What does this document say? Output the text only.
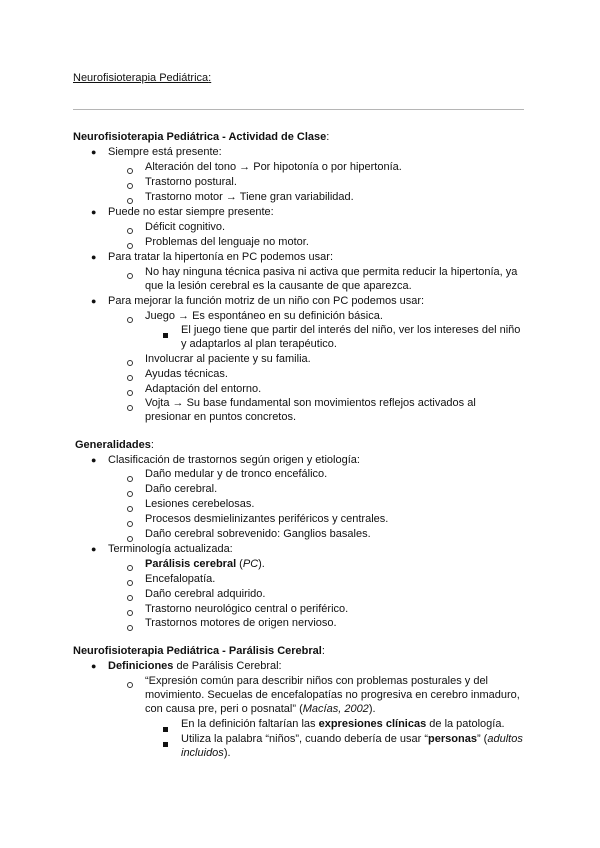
Neurofisioterapia Pediátrica:

Neurofisioterapia Pediátrica - Actividad de Clase:
● Siempre está presente:
Alteración del tono → Por hipotonía o por hipertonía.
Trastorno postural.
Trastorno motor → Tiene gran variabilidad.
● Puede no estar siempre presente:
Déficit cognitivo.
Problemas del lenguaje no motor.
● Para tratar la hipertonía en PC podemos usar:
No hay ninguna técnica pasiva ni activa que permita reducir la hipertonía, ya
que la lesión cerebral es la causante de que aparezca.
● Para mejorar la función motriz de un niño con PC podemos usar:
Juego → Es espontáneo en su definición básica.
El juego tiene que partir del interés del niño, ver los intereses del niño
y adaptarlos al plan terapéutico.
Involucrar al paciente y su familia.
Ayudas técnicas.
Adaptación del entorno.
Vojta → Su base fundamental son movimientos reflejos activados al
presionar en puntos concretos.
Generalidades:
● Clasificación de trastornos según origen y etiología:
Daño medular y de tronco encefálico.
Daño cerebral.
Lesiones cerebelosas.
Procesos desmielinizantes periféricos y centrales.
Daño cerebral sobrevenido: Ganglios basales.
● Terminología actualizada:
Parálisis cerebral (PC).
Encefalopatía.
Daño cerebral adquirido.
Trastorno neurológico central o periférico.
Trastornos motores de origen nervioso.
Neurofisioterapia Pediátrica - Parálisis Cerebral:
● Definiciones de Parálisis Cerebral:
“Expresión común para describir niños con problemas posturales y del
movimiento. Secuelas de encefalopatías no progresiva en cerebro inmaduro,
con causa pre, peri o posnatal” (Macías, 2002).
En la definición faltarían las expresiones clínicas de la patología.
Utiliza la palabra “niños”, cuando debería de usar “personas” (adultos
incluidos).
